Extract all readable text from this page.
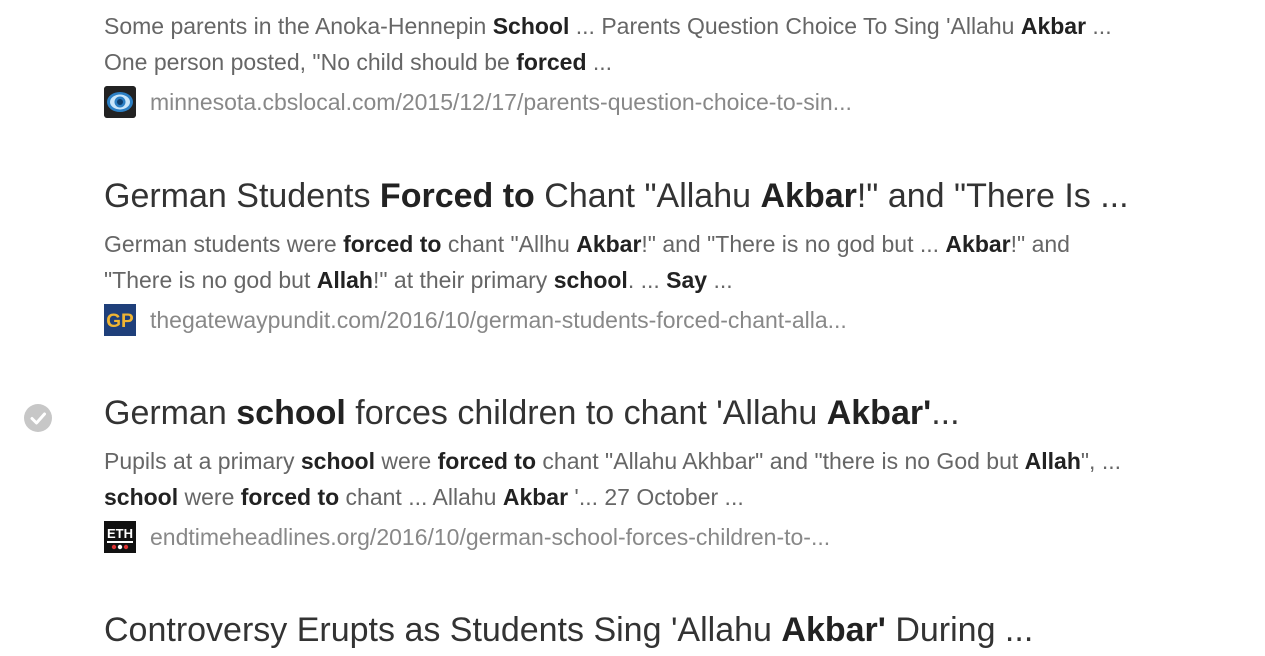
Some parents in the Anoka-Hennepin School ... Parents Question Choice To Sing 'Allahu Akbar ...
One person posted, "No child should be forced ...
minnesota.cbslocal.com/2015/12/17/parents-question-choice-to-sin...
German Students Forced to Chant "Allahu Akbar!" and "There Is ...
German students were forced to chant "Allhu Akbar!" and "There is no god but ... Akbar!" and
"There is no god but Allah!" at their primary school. ... Say ...
GP thegatewaypundit.com/2016/10/german-students-forced-chant-alla...
German school forces children to chant 'Allahu Akbar'...
Pupils at a primary school were forced to chant "Allahu Akhbar" and "there is no God but Allah", ...
school were forced to chant ... Allahu Akbar '... 27 October ...
ETH endtimeheadlines.org/2016/10/german-school-forces-children-to-...
Controversy Erupts as Students Sing 'Allahu Akbar' During ...
